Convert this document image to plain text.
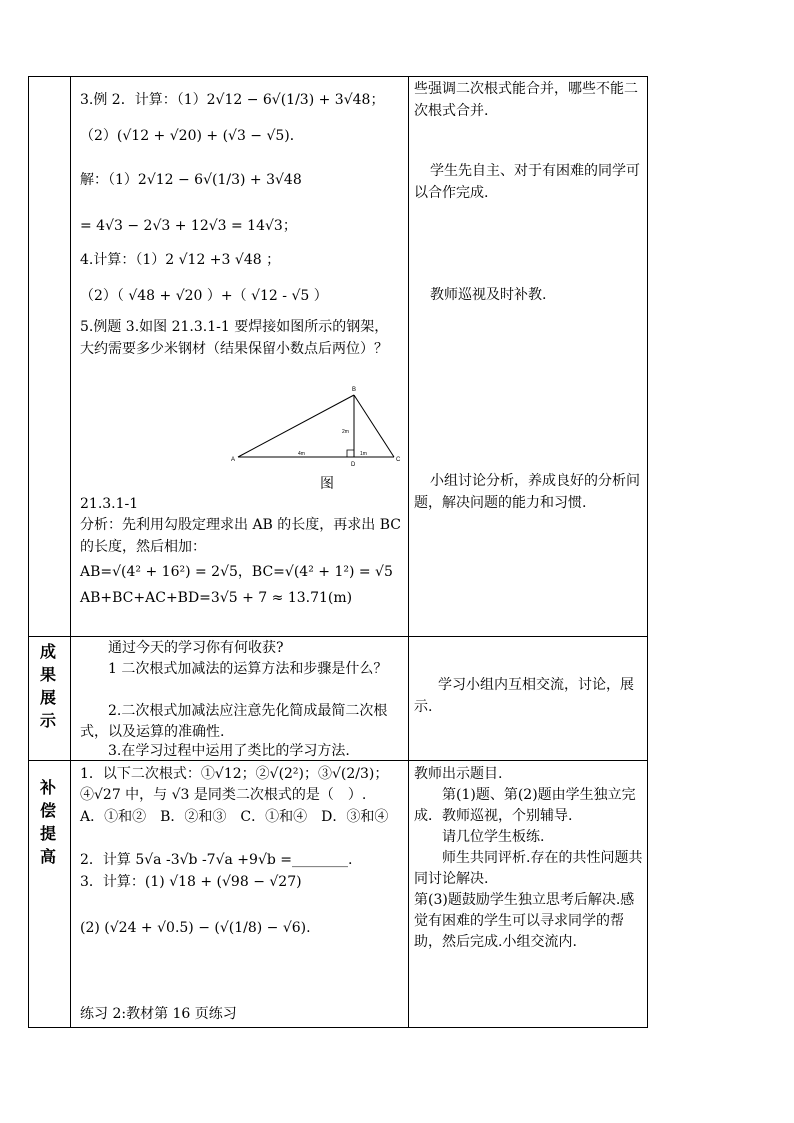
3.例 2．计算：（1）2√12 − 6√(1/3) + 3√48；
（2）(√12 + √20) + (√3 − √5)．
解：（1）2√12 − 6√(1/3) + 3√48
= 4√3 − 2√3 + 12√3 = 14√3；
4.计算：（1）2 √12 +3 √48 ；
（2）（ √48 + √20 ）+（ √12 - √5 ）
5.例题 3.如图 21.3.1-1 要焊接如图所示的钢架，大约需要多少米钢材（结果保留小数点后两位）？
A
B
C
D
4m
2m
1m
图
21.3.1-1
分析：先利用勾股定理求出 AB 的长度，再求出 BC 的长度，然后相加：
AB=√(4² + 16²) = 2√5，BC=√(4² + 1²) = √5
AB+BC+AC+BD=3√5 + 7 ≈ 13.71(m)
些强调二次根式能合并，哪些不能二次根式合并.
学生先自主、对于有困难的同学可以合作完成.
教师巡视及时补教.
小组讨论分析，养成良好的分析问题，解决问题的能力和习惯.
成
果
展
示
通过今天的学习你有何收获?
1 二次根式加减法的运算方法和步骤是什么？
2.二次根式加减法应注意先化简成最简二次根式，以及运算的准确性.
3.在学习过程中运用了类比的学习方法.
学习小组内互相交流，讨论，展示.
补
偿
提
高
1．以下二次根式：①√12；②√(2²)；③√(2/3)；④√27 中，与 √3 是同类二次根式的是（　）.
A．①和②　B．②和③　C．①和④　D．③和④
2．计算 5√a -3√b -7√a +9√b =________.
3．计算：(1) √18 + (√98 − √27)
(2) (√24 + √0.5) − (√(1/8) − √6).
练习 2:教材第 16 页练习
教师出示题目.
第(1)题、第(2)题由学生独立完成．教师巡视，个别辅导.
请几位学生板练.
师生共同评析.存在的共性问题共同讨论解决.
第(3)题鼓励学生独立思考后解决.感觉有困难的学生可以寻求同学的帮助，然后完成.小组交流内.
